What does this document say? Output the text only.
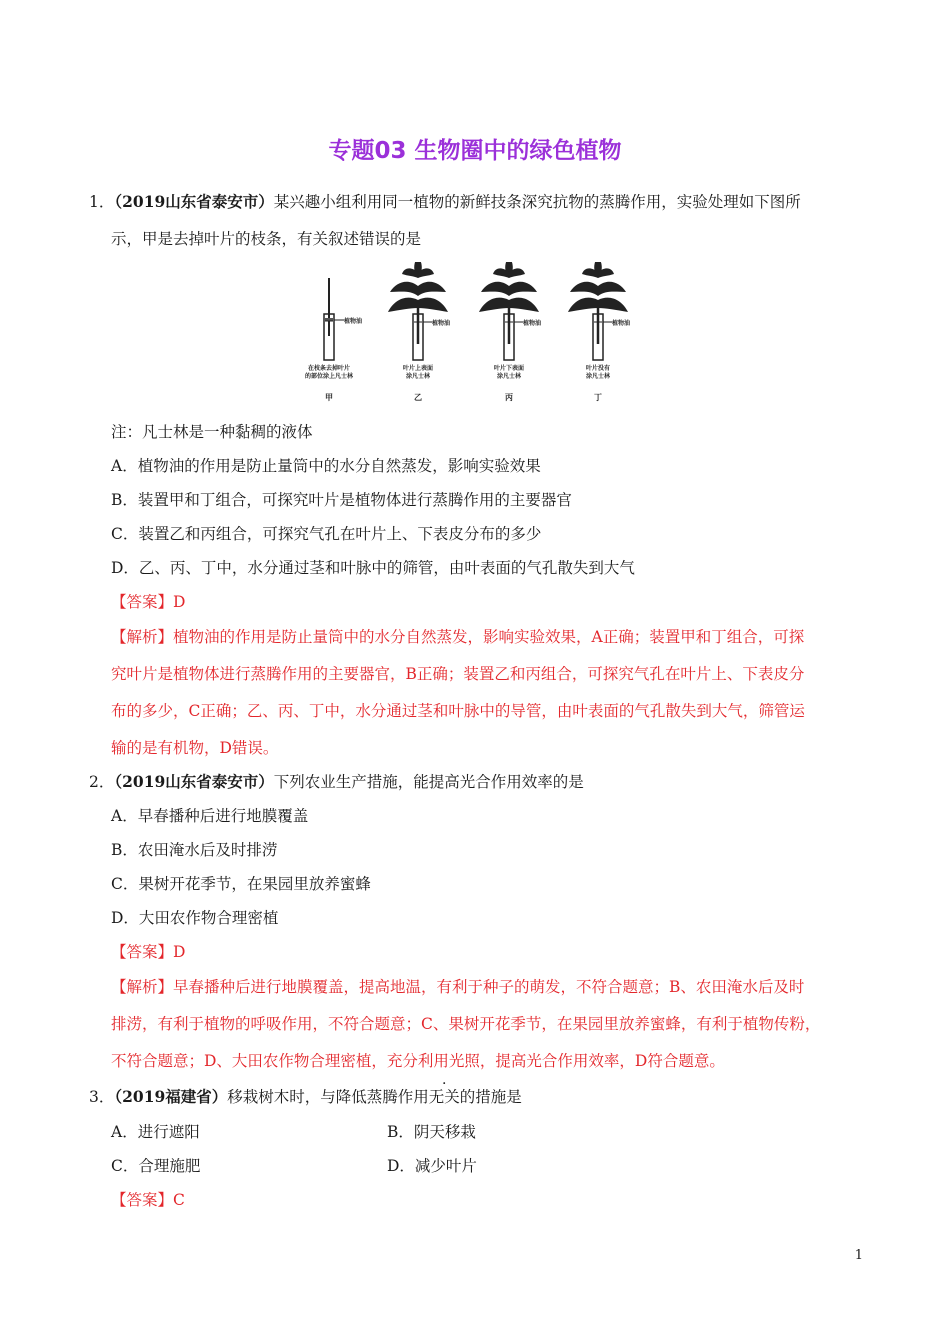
专题03 生物圈中的绿色植物
1．（2019山东省泰安市）某兴趣小组利用同一植物的新鲜技条深究抗物的蒸腾作用，实验处理如下图所
示，甲是去掉叶片的枝条，有关叙述错误的是
植物油	植物油	植物油	植物油
在枝条去掉叶片
的部位涂上凡士林
叶片上表面
涂凡士林
叶片下表面
涂凡士林
叶片没有
涂凡士林
甲	乙	丙	丁
注：凡士林是一种黏稠的液体
A．植物油的作用是防止量筒中的水分自然蒸发，影响实验效果
B．装置甲和丁组合，可探究叶片是植物体进行蒸腾作用的主要器官
C．装置乙和丙组合，可探究气孔在叶片上、下表皮分布的多少
D．乙、丙、丁中，水分通过茎和叶脉中的筛管，由叶表面的气孔散失到大气
【答案】D
【解析】植物油的作用是防止量筒中的水分自然蒸发，影响实验效果，A正确；装置甲和丁组合，可探
究叶片是植物体进行蒸腾作用的主要器官，B正确；装置乙和丙组合，可探究气孔在叶片上、下表皮分
布的多少，C正确；乙、丙、丁中，水分通过茎和叶脉中的导管，由叶表面的气孔散失到大气，筛管运
输的是有机物，D错误。
2．（2019山东省泰安市）下列农业生产措施，能提高光合作用效率的是
A．早春播种后进行地膜覆盖
B．农田淹水后及时排涝
C．果树开花季节，在果园里放养蜜蜂
D．大田农作物合理密植
【答案】D
【解析】早春播种后进行地膜覆盖，提高地温，有利于种子的萌发，不符合题意；B、农田淹水后及时
排涝，有利于植物的呼吸作用，不符合题意；C、果树开花季节，在果园里放养蜜蜂，有利于植物传粉，
不符合题意；D、大田农作物合理密植，充分利用光照，提高光合作用效率，D符合题意。
3．（2019福建省）移栽树木时，与降低蒸腾作用无关的措施是
A．进行遮阳	B．阴天移栽
C．合理施肥	D．减少叶片
【答案】C
1
